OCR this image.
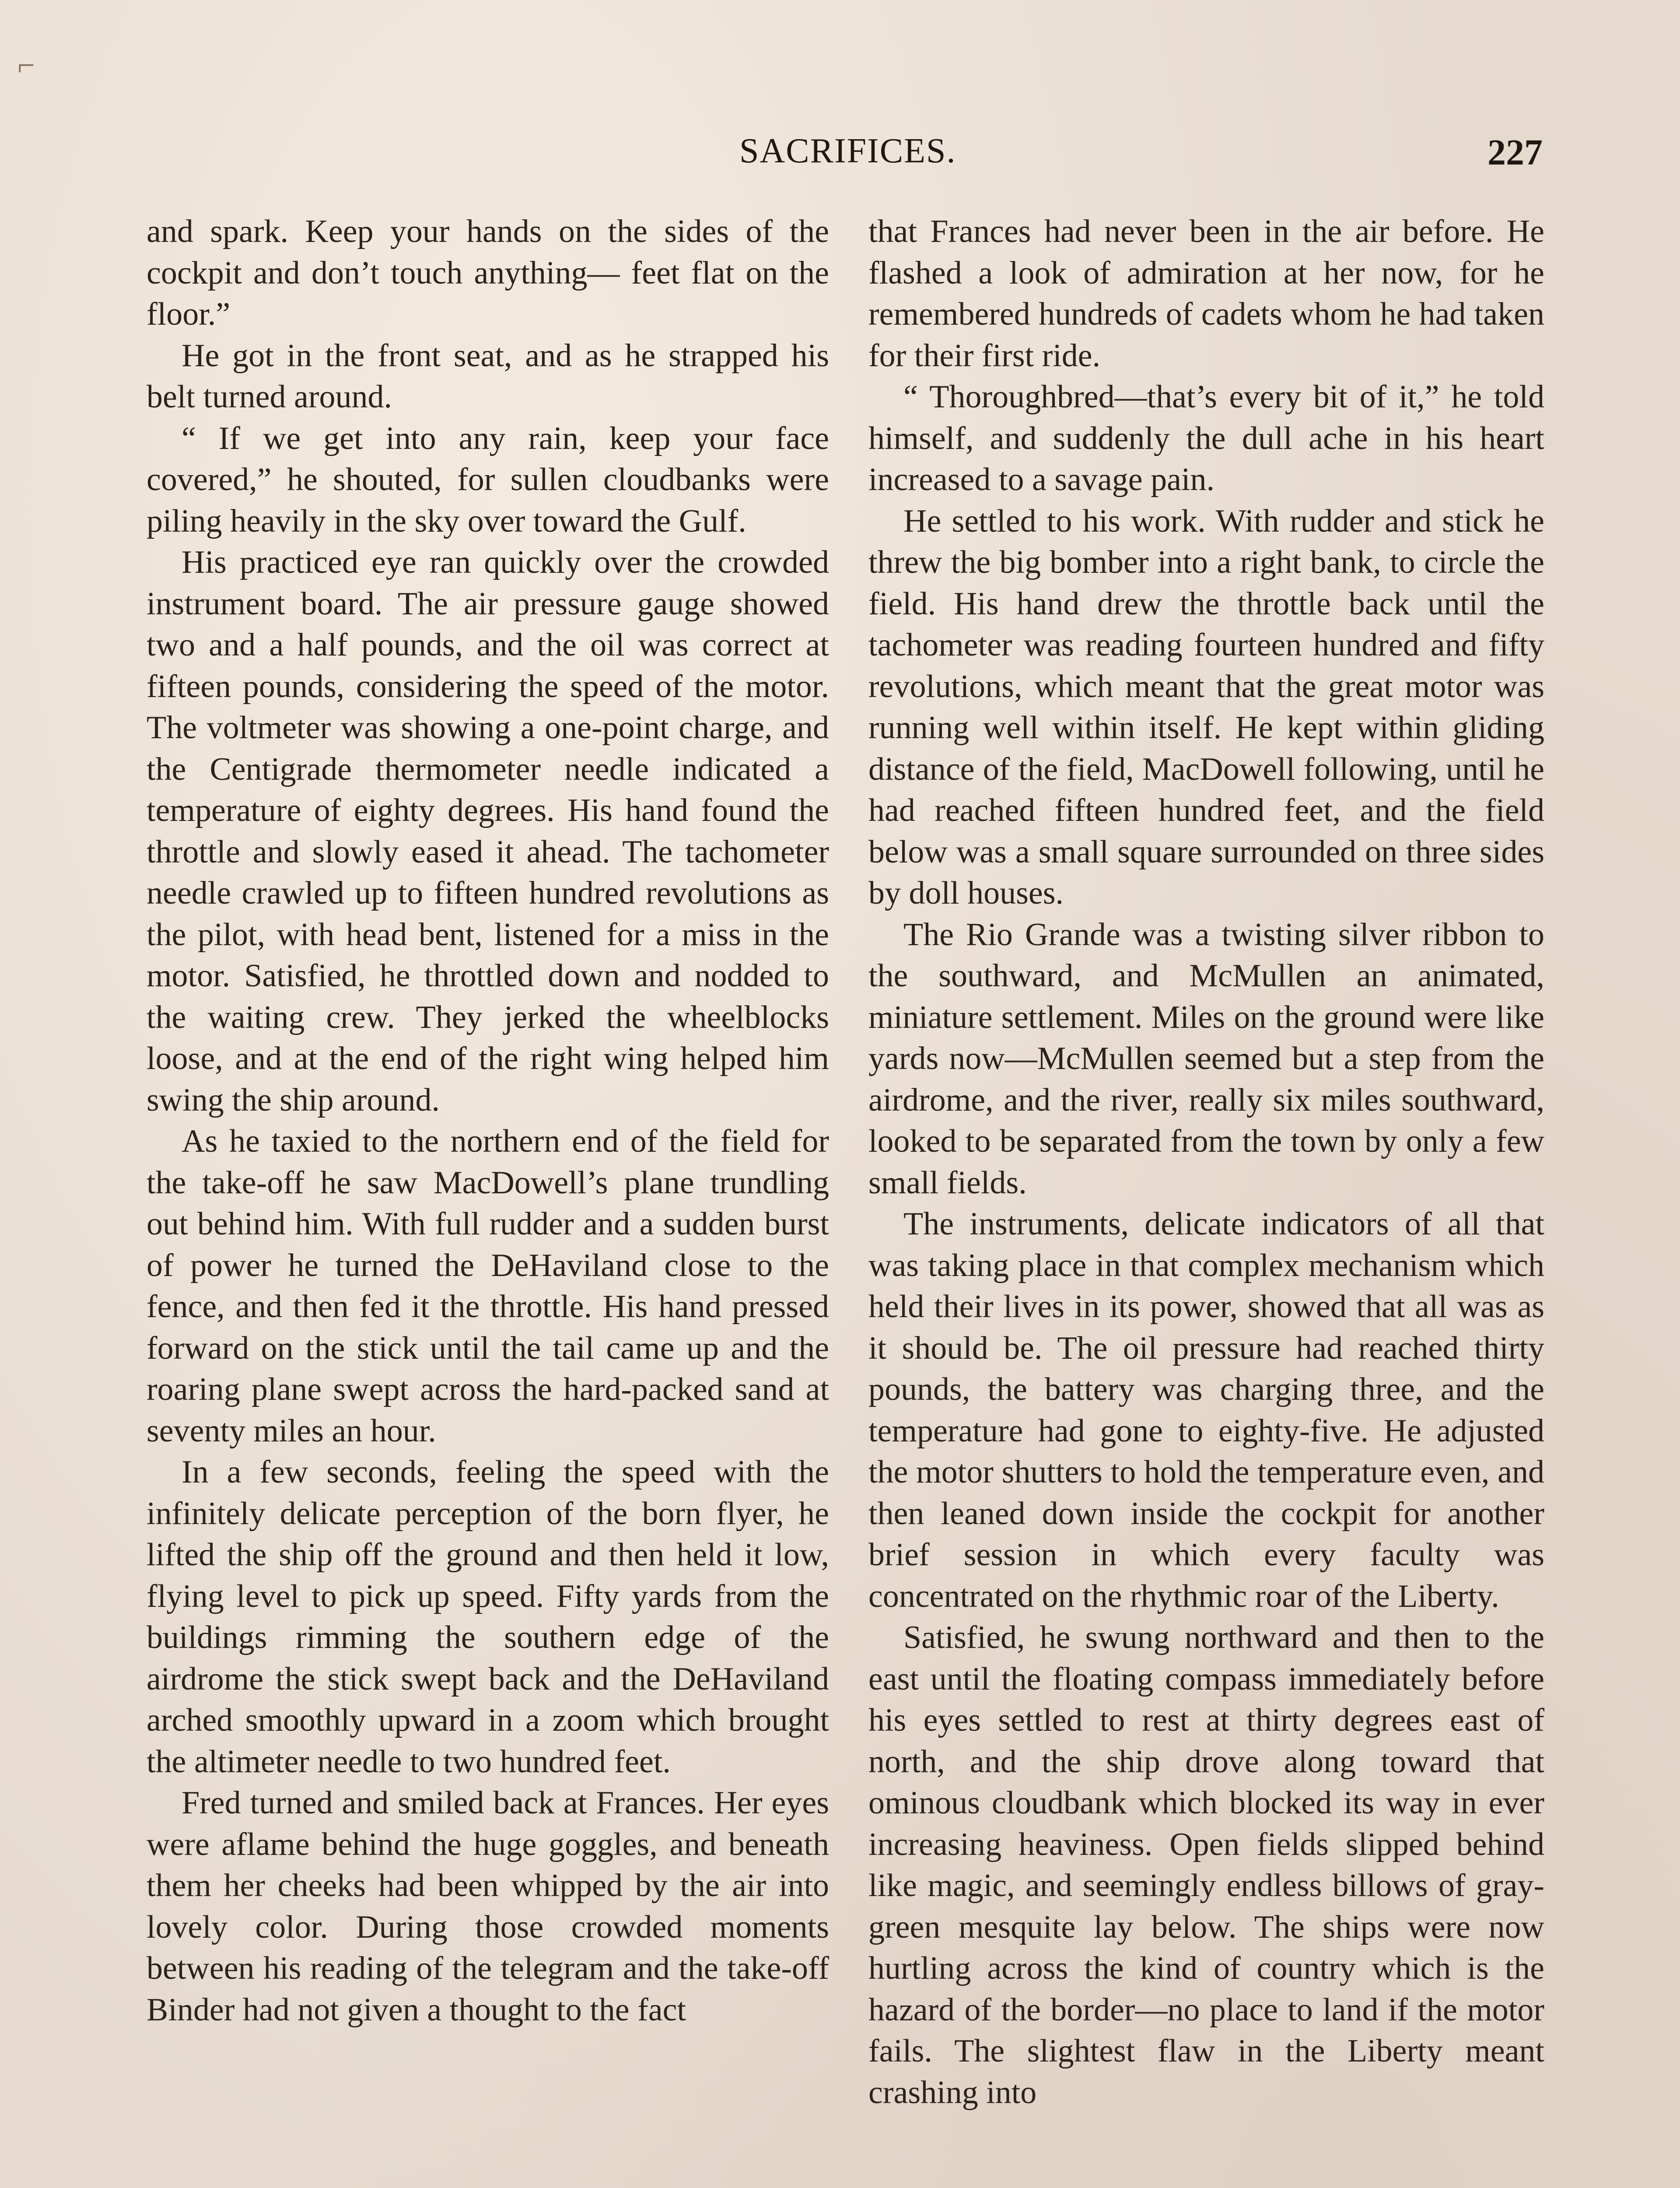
⌐
SACRIFICES.	227

and spark. Keep your hands on the sides of the cockpit and don’t touch anything— feet flat on the floor.”

He got in the front seat, and as he strapped his belt turned around.

“ If we get into any rain, keep your face covered,” he shouted, for sullen cloudbanks were piling heavily in the sky over toward the Gulf.

His practiced eye ran quickly over the crowded instrument board. The air pressure gauge showed two and a half pounds, and the oil was correct at fifteen pounds, considering the speed of the motor. The voltmeter was showing a one-point charge, and the Centigrade thermometer needle indicated a temperature of eighty degrees. His hand found the throttle and slowly eased it ahead. The tachometer needle crawled up to fifteen hundred revolutions as the pilot, with head bent, listened for a miss in the motor. Satisfied, he throttled down and nodded to the waiting crew. They jerked the wheelblocks loose, and at the end of the right wing helped him swing the ship around.

As he taxied to the northern end of the field for the take-off he saw MacDowell’s plane trundling out behind him. With full rudder and a sudden burst of power he turned the DeHaviland close to the fence, and then fed it the throttle. His hand pressed forward on the stick until the tail came up and the roaring plane swept across the hard-packed sand at seventy miles an hour.

In a few seconds, feeling the speed with the infinitely delicate perception of the born flyer, he lifted the ship off the ground and then held it low, flying level to pick up speed. Fifty yards from the buildings rimming the southern edge of the airdrome the stick swept back and the DeHaviland arched smoothly upward in a zoom which brought the altimeter needle to two hundred feet.

Fred turned and smiled back at Frances. Her eyes were aflame behind the huge goggles, and beneath them her cheeks had been whipped by the air into lovely color. During those crowded moments between his reading of the telegram and the take-off Binder had not given a thought to the fact

that Frances had never been in the air before. He flashed a look of admiration at her now, for he remembered hundreds of cadets whom he had taken for their first ride.

“ Thoroughbred—that’s every bit of it,” he told himself, and suddenly the dull ache in his heart increased to a savage pain.

He settled to his work. With rudder and stick he threw the big bomber into a right bank, to circle the field. His hand drew the throttle back until the tachometer was reading fourteen hundred and fifty revolutions, which meant that the great motor was running well within itself. He kept within gliding distance of the field, MacDowell following, until he had reached fifteen hundred feet, and the field below was a small square surrounded on three sides by doll houses.

The Rio Grande was a twisting silver ribbon to the southward, and McMullen an animated, miniature settlement. Miles on the ground were like yards now—McMullen seemed but a step from the airdrome, and the river, really six miles southward, looked to be separated from the town by only a few small fields.

The instruments, delicate indicators of all that was taking place in that complex mechanism which held their lives in its power, showed that all was as it should be. The oil pressure had reached thirty pounds, the battery was charging three, and the temperature had gone to eighty-five. He adjusted the motor shutters to hold the temperature even, and then leaned down inside the cockpit for another brief session in which every faculty was concentrated on the rhythmic roar of the Liberty.

Satisfied, he swung northward and then to the east until the floating compass immediately before his eyes settled to rest at thirty degrees east of north, and the ship drove along toward that ominous cloudbank which blocked its way in ever increasing heaviness. Open fields slipped behind like magic, and seemingly endless billows of gray-green mesquite lay below. The ships were now hurtling across the kind of country which is the hazard of the border—no place to land if the motor fails. The slightest flaw in the Liberty meant crashing into
